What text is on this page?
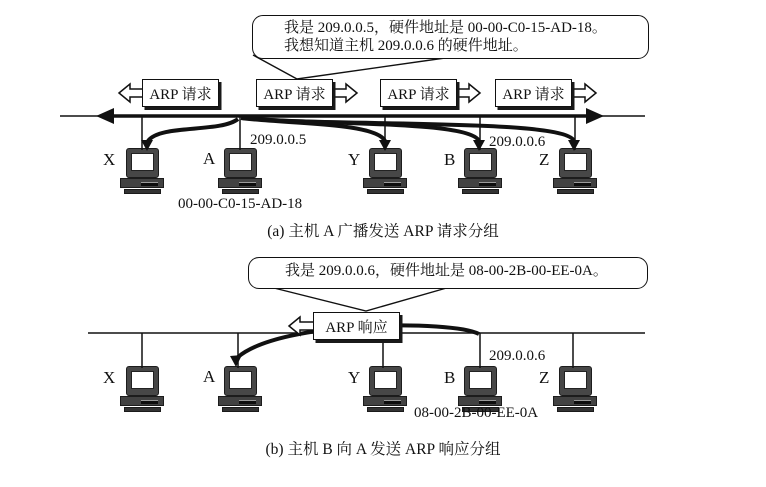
X	A	Y	B	Z
209.0.0.5	209.0.0.6
00-00-C0-15-AD-18
(a) 主机 A 广播发送 ARP 请求分组
我是 209.0.0.5，硬件地址是 00-00-C0-15-AD-18。
我想知道主机 209.0.0.6 的硬件地址。
ARP 请求	ARP 请求	ARP 请求	ARP 请求
X	A	Y	B	Z
209.0.0.6
08-00-2B-00-EE-0A
(b) 主机 B 向 A 发送 ARP 响应分组
我是 209.0.0.6，硬件地址是 08-00-2B-00-EE-0A。
ARP 响应
